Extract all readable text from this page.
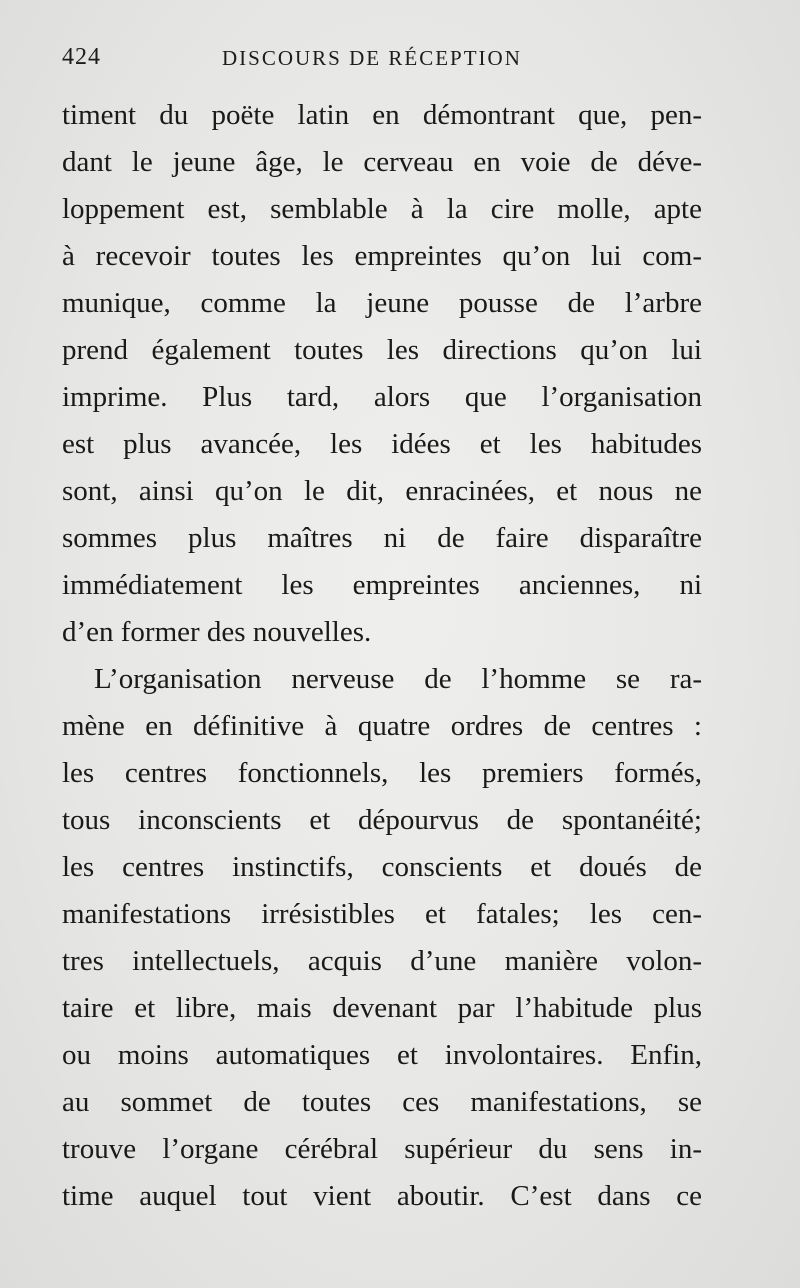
424	DISCOURS DE RÉCEPTION
timent du poëte latin en démontrant que, pen-
dant le jeune âge, le cerveau en voie de déve-
loppement est, semblable à la cire molle, apte
à recevoir toutes les empreintes qu’on lui com-
munique, comme la jeune pousse de l’arbre
prend également toutes les directions qu’on lui
imprime. Plus tard, alors que l’organisation
est plus avancée, les idées et les habitudes
sont, ainsi qu’on le dit, enracinées, et nous ne
sommes plus maîtres ni de faire disparaître
immédiatement les empreintes anciennes, ni
d’en former des nouvelles.
L’organisation nerveuse de l’homme se ra-
mène en définitive à quatre ordres de centres :
les centres fonctionnels, les premiers formés,
tous inconscients et dépourvus de spontanéité;
les centres instinctifs, conscients et doués de
manifestations irrésistibles et fatales; les cen-
tres intellectuels, acquis d’une manière volon-
taire et libre, mais devenant par l’habitude plus
ou moins automatiques et involontaires. Enfin,
au sommet de toutes ces manifestations, se
trouve l’organe cérébral supérieur du sens in-
time auquel tout vient aboutir. C’est dans ce
